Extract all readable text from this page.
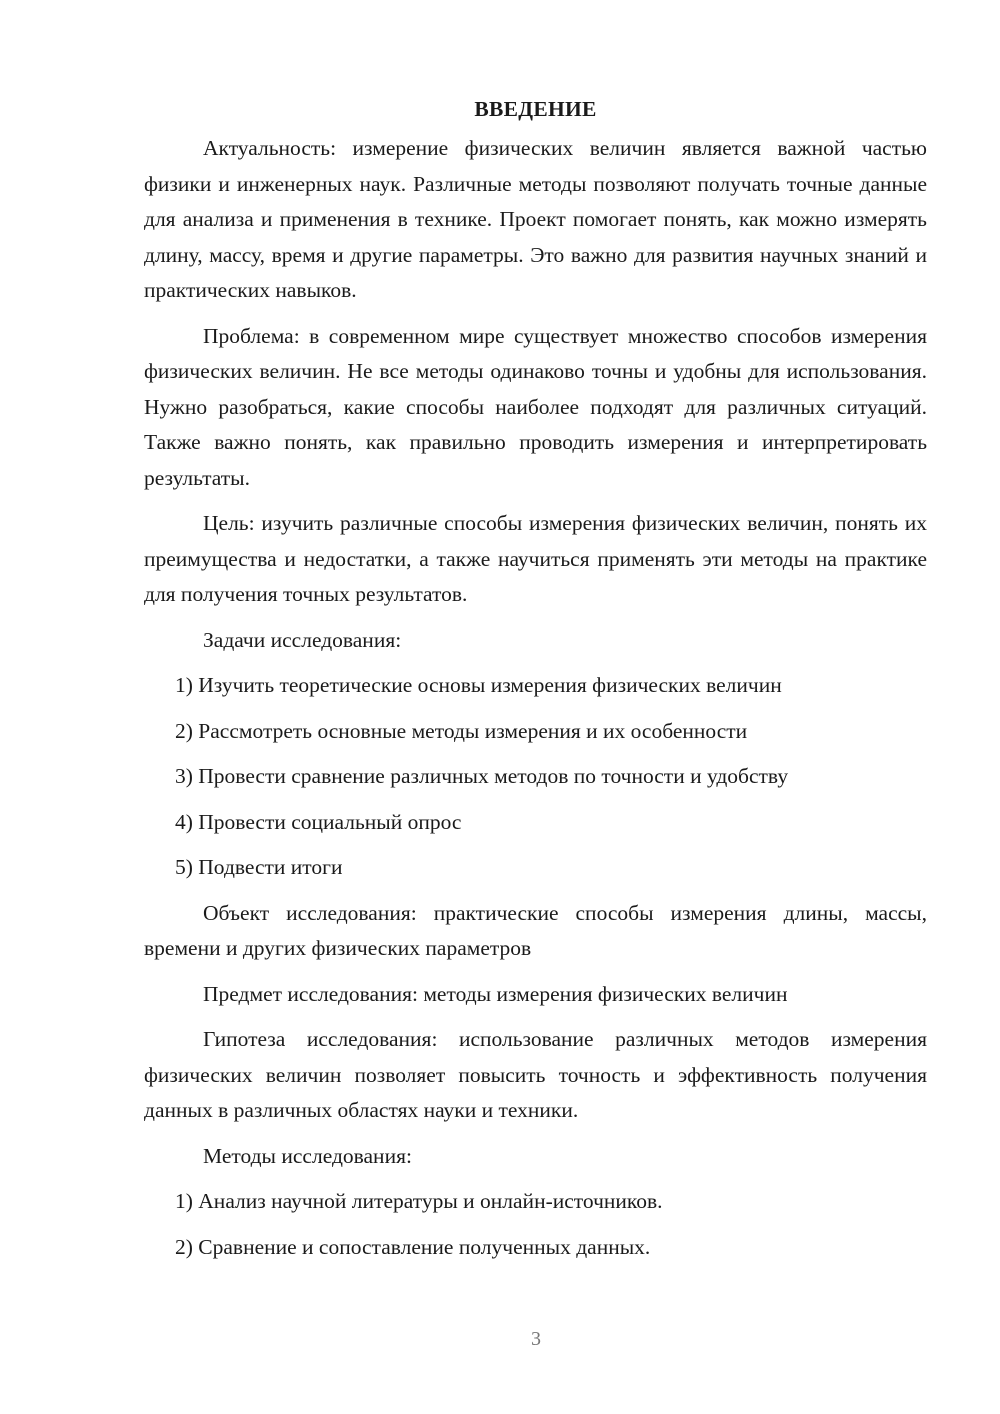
ВВЕДЕНИЕ

Актуальность: измерение физических величин является важной частью физики и инженерных наук. Различные методы позволяют получать точные данные для анализа и применения в технике. Проект помогает понять, как можно измерять длину, массу, время и другие параметры. Это важно для развития научных знаний и практических навыков.

Проблема: в современном мире существует множество способов измерения физических величин. Не все методы одинаково точны и удобны для использования. Нужно разобраться, какие способы наиболее подходят для различных ситуаций. Также важно понять, как правильно проводить измерения и интерпретировать результаты.

Цель: изучить различные способы измерения физических величин, понять их преимущества и недостатки, а также научиться применять эти методы на практике для получения точных результатов.

Задачи исследования:

1) Изучить теоретические основы измерения физических величин
2) Рассмотреть основные методы измерения и их особенности
3) Провести сравнение различных методов по точности и удобству
4) Провести социальный опрос
5) Подвести итоги

Объект исследования: практические способы измерения длины, массы, времени и других физических параметров

Предмет исследования: методы измерения физических величин

Гипотеза исследования: использование различных методов измерения физических величин позволяет повысить точность и эффективность получения данных в различных областях науки и техники.

Методы исследования:

1) Анализ научной литературы и онлайн-источников.
2) Сравнение и сопоставление полученных данных.
3
